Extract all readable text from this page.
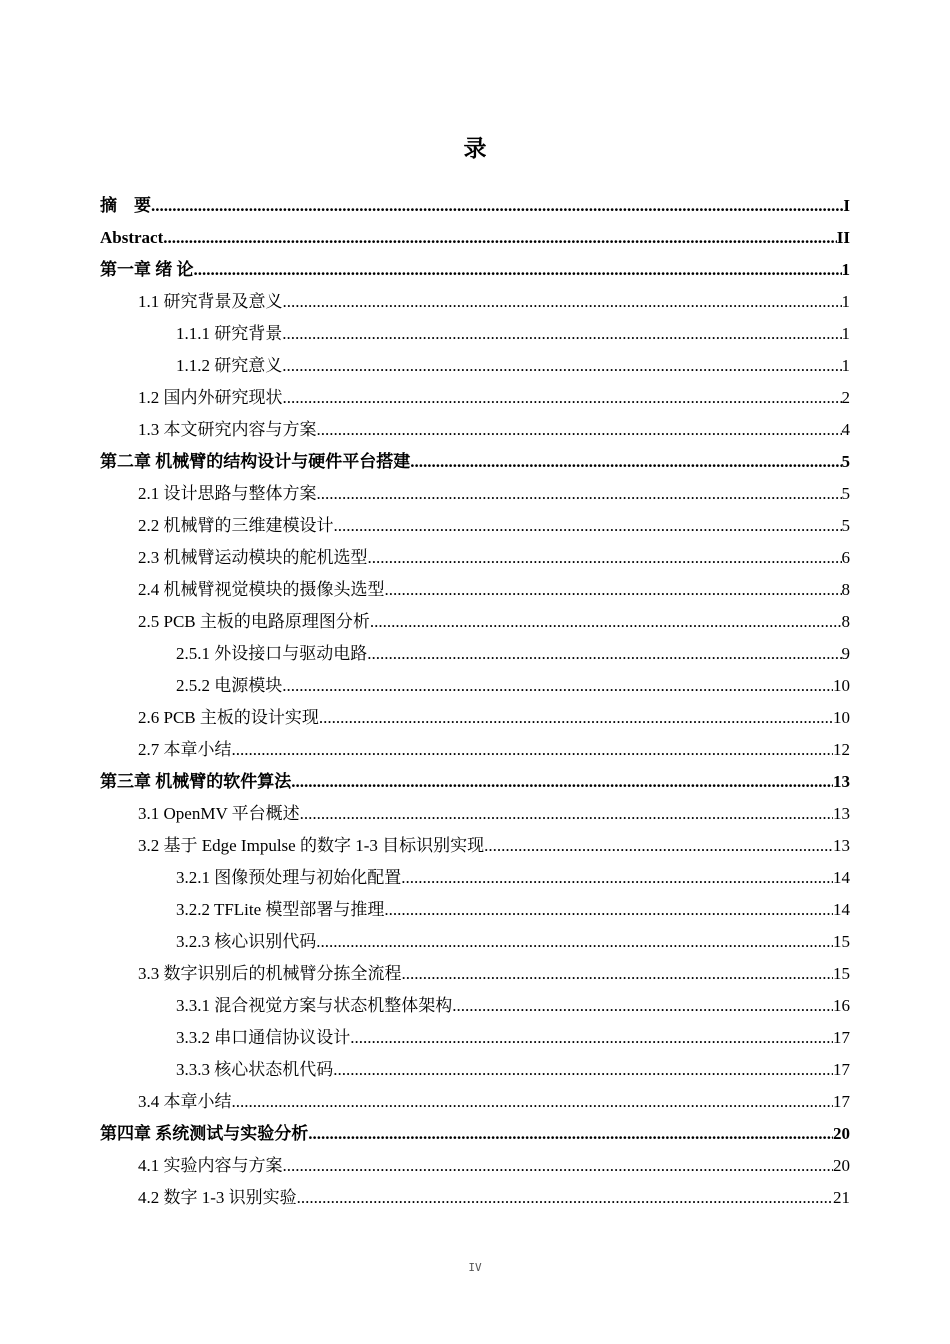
录
摘　要 .....	I
Abstract .....	II
第一章 绪 论 .....	1
1.1 研究背景及意义 .....	1
1.1.1 研究背景 .....	1
1.1.2 研究意义 .....	1
1.2 国内外研究现状 .....	2
1.3 本文研究内容与方案 .....	4
第二章 机械臂的结构设计与硬件平台搭建 .....	5
2.1 设计思路与整体方案 .....	5
2.2 机械臂的三维建模设计 .....	5
2.3 机械臂运动模块的舵机选型 .....	6
2.4 机械臂视觉模块的摄像头选型 .....	8
2.5 PCB 主板的电路原理图分析 .....	8
2.5.1 外设接口与驱动电路 .....	9
2.5.2 电源模块 .....	10
2.6 PCB 主板的设计实现 .....	10
2.7 本章小结 .....	12
第三章 机械臂的软件算法 .....	13
3.1 OpenMV 平台概述 .....	13
3.2 基于 Edge Impulse 的数字 1-3 目标识别实现 .....	13
3.2.1 图像预处理与初始化配置 .....	14
3.2.2 TFLite 模型部署与推理 .....	14
3.2.3 核心识别代码 .....	15
3.3 数字识别后的机械臂分拣全流程 .....	15
3.3.1 混合视觉方案与状态机整体架构 .....	16
3.3.2 串口通信协议设计 .....	17
3.3.3 核心状态机代码 .....	17
3.4 本章小结 .....	17
第四章 系统测试与实验分析 .....	20
4.1 实验内容与方案 .....	20
4.2 数字 1-3 识别实验 .....	21
IV
